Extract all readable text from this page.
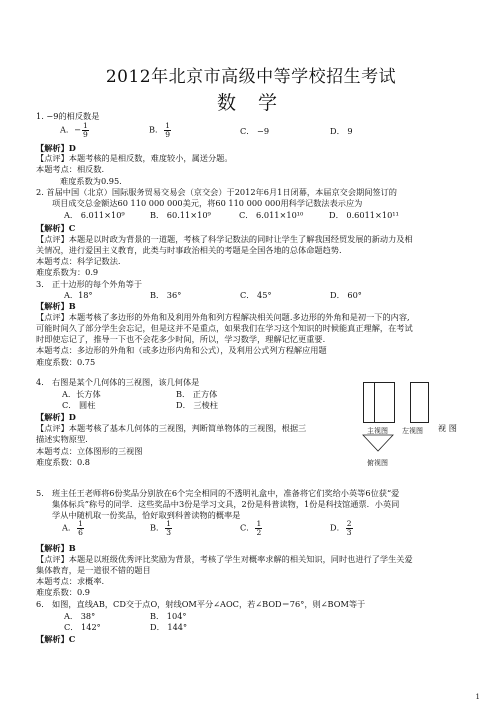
2012年北京市高级中等学校招生考试
数 学
1. −9的相反数是
A．− $\frac{1}{9}$	B． $\frac{1}{9}$	C． −9	D． 9
【解析】D
【点评】本题考核的是相反数，难度较小，属送分题。
本题考点：相反数.
难度系数为0.95.
2. 首届中国（北京）国际服务贸易交易会（京交会）于2012年6月1日闭幕，本届京交会期间签订的
项目成交总金额达60 110 000 000美元，将60 110 000 000用科学记数法表示应为
A． 6.011×10⁹	B． 60.11×10⁹	C． 6.011×10¹⁰	D． 0.6011×10¹¹
【解析】C
【点评】本题是以时政为背景的一道题，考核了科学记数法的同时让学生了解我国经贸发展的新动力及相
关情况，进行爱国主义教育，此类与时事政治相关的考题是全国各地的总体命题趋势.
本题考点：科学记数法.
难度系数为：0.9
3． 正十边形的每个外角等于
A．18°	B． 36°	C． 45°	D． 60°
【解析】B
【点评】本题考核了多边形的外角和及利用外角和列方程解决相关问题.多边形的外角和是初一下的内容,
可能时间久了部分学生会忘记，但是这并不是重点，如果我们在学习这个知识的时候能真正理解，在考试
时即使忘记了，推导一下也不会花多少时间，所以，学习数学，理解记忆更重要.
本题考点：多边形的外角和（或多边形内角和公式），及利用公式列方程解应用题
难度系数：0.75
4． 右图是某个几何体的三视图，该几何体是
A．长方体	B． 正方体
C． 圆柱	D． 三棱柱
【解析】D
【点评】本题考核了基本几何体的三视图，判断简单物体的三视图，根据三	视 图
描述实物原型.
本题考点：立体图形的三视图
难度系数：0.8
主视图 左视图
俯视图
5． 班主任王老师将6份奖品分别放在6个完全相同的不透明礼盒中，准备将它们奖给小英等6位获“爱
集体标兵”称号的同学．这些奖品中3份是学习文具，2份是科普读物，1份是科技馆通票．小英同
学从中随机取一份奖品，恰好取到科普读物的概率是
A． $\frac{1}{6}$	B． $\frac{1}{3}$	C． $\frac{1}{2}$	D． $\frac{2}{3}$
【解析】B
【点评】本题是以班级优秀评比奖励为背景，考核了学生对概率求解的相关知识，同时也进行了学生关爱
集体教育，是一道很不错的题目
本题考点：求概率.
难度系数：0.9
6． 如图，直线AB，CD交于点O，射线OM平分∠AOC，若∠BOD＝76°，则∠BOM等于
A． 38°	B． 104°
C． 142°	D． 144°
【解析】C
1
